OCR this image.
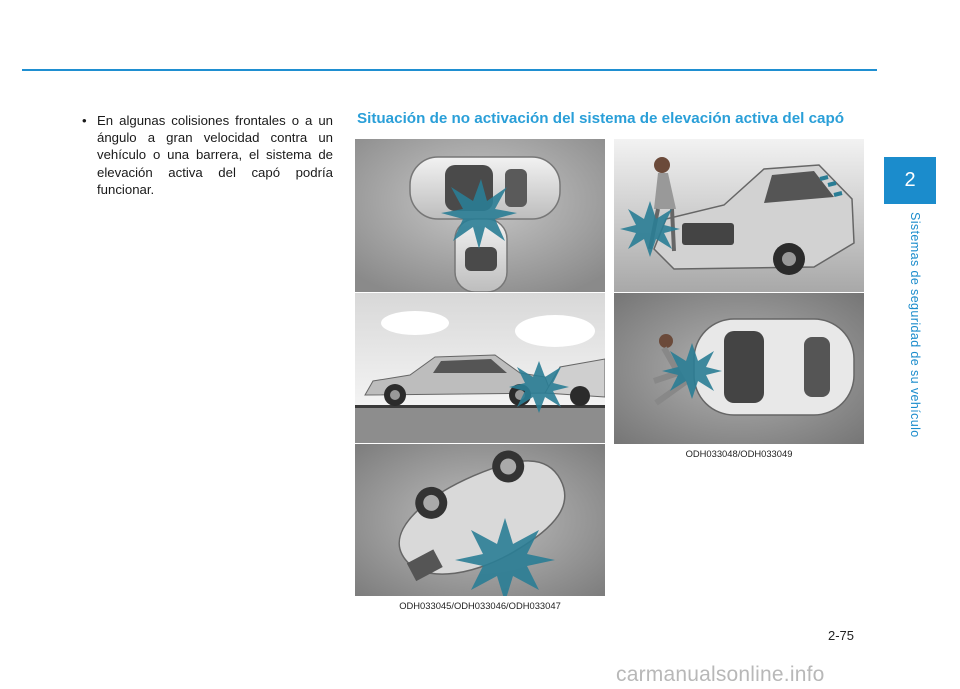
2
Sistemas de seguridad de su vehículo
• En algunas colisiones frontales o a un ángulo a gran velocidad contra un vehículo o una barrera, el sistema de elevación activa del capó podría funcionar.
Situación de no activación del sistema de elevación activa del capó
ODH033048/ODH033049
ODH033045/ODH033046/ODH033047
2-75
carmanualsonline.info
